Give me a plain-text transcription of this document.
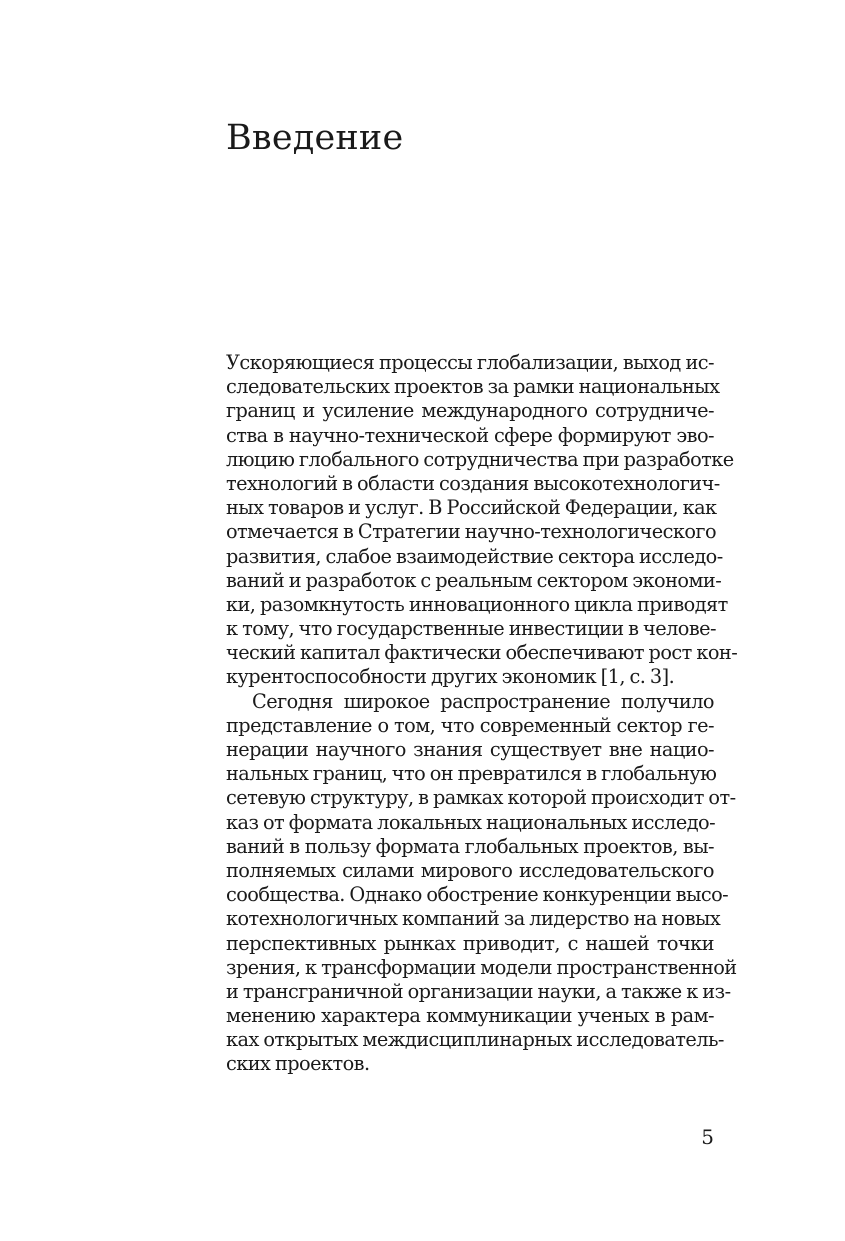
Введение
Ускоряющиеся процессы глобализации, выход ис-
следовательских проектов за рамки национальных
границ и усиление международного сотрудниче-
ства в научно-технической сфере формируют эво-
люцию глобального сотрудничества при разработке
технологий в области создания высокотехнологич-
ных товаров и услуг. В Российской Федерации, как
отмечается в Стратегии научно-технологического
развития, слабое взаимодействие сектора исследо-
ваний и разработок с реальным сектором экономи-
ки, разомкнутость инновационного цикла приводят
к тому, что государственные инвестиции в челове-
ческий капитал фактически обеспечивают рост кон-
курентоспособности других экономик [1, с. 3].
Сегодня широкое распространение получило
представление о том, что современный сектор ге-
нерации научного знания существует вне нацио-
нальных границ, что он превратился в глобальную
сетевую структуру, в рамках которой происходит от-
каз от формата локальных национальных исследо-
ваний в пользу формата глобальных проектов, вы-
полняемых силами мирового исследовательского
сообщества. Однако обострение конкуренции высо-
котехнологичных компаний за лидерство на новых
перспективных рынках приводит, с нашей точки
зрения, к трансформации модели пространственной
и трансграничной организации науки, а также к из-
менению характера коммуникации ученых в рам-
ках открытых междисциплинарных исследователь-
ских проектов.
5
